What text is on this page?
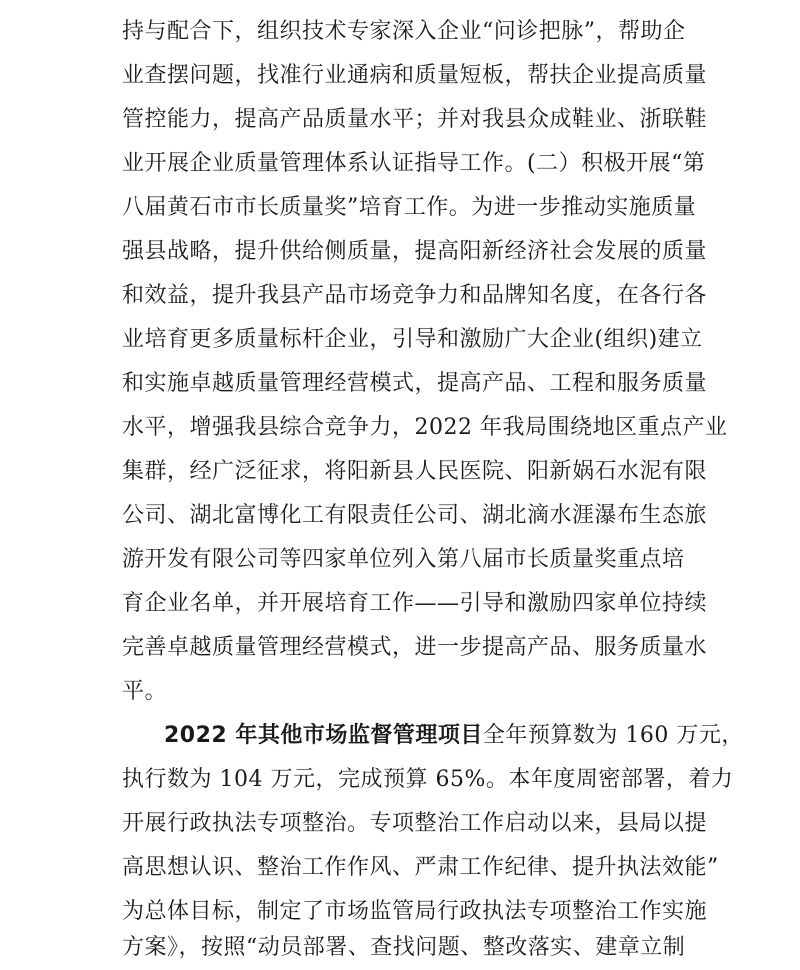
持与配合下，组织技术专家深入企业“问诊把脉”，帮助企
业查摆问题，找准行业通病和质量短板，帮扶企业提高质量
管控能力，提高产品质量水平；并对我县众成鞋业、浙联鞋
业开展企业质量管理体系认证指导工作。(二）积极开展“第
八届黄石市市长质量奖”培育工作。为进一步推动实施质量
强县战略，提升供给侧质量，提高阳新经济社会发展的质量
和效益，提升我县产品市场竞争力和品牌知名度，在各行各
业培育更多质量标杆企业，引导和激励广大企业(组织)建立
和实施卓越质量管理经营模式，提高产品、工程和服务质量
水平，增强我县综合竞争力，2022 年我局围绕地区重点产业
集群，经广泛征求，将阳新县人民医院、阳新娲石水泥有限
公司、湖北富博化工有限责任公司、湖北滴水涯瀑布生态旅
游开发有限公司等四家单位列入第八届市长质量奖重点培
育企业名单，并开展培育工作——引导和激励四家单位持续
完善卓越质量管理经营模式，进一步提高产品、服务质量水
平。
2022 年其他市场监督管理项目全年预算数为 160 万元，
执行数为 104 万元，完成预算 65%。本年度周密部署，着力
开展行政执法专项整治。专项整治工作启动以来，县局以提
高思想认识、整治工作作风、严肃工作纪律、提升执法效能”
为总体目标，制定了市场监管局行政执法专项整治工作实施
方案》，按照“动员部署、查找问题、整改落实、建章立制
